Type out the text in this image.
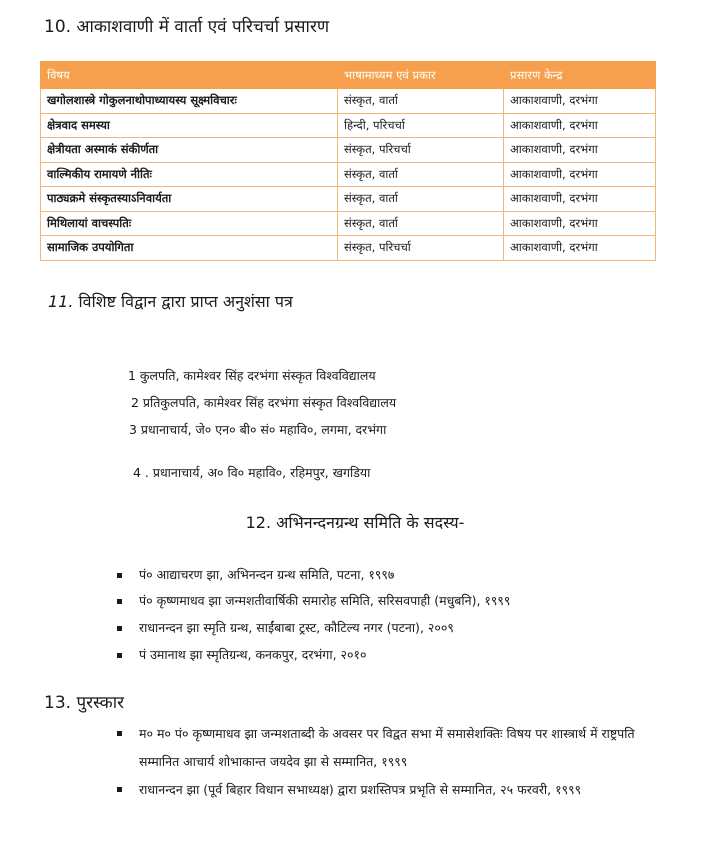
10. आकाशवाणी में वार्ता एवं परिचर्चा प्रसारण
विषय	भाषामाध्यम एवं प्रकार	प्रसारण केन्द्र
खगोलशास्त्रे गोकुलनाथोपाध्यायस्य सूक्ष्मविचारः	संस्कृत, वार्ता	आकाशवाणी, दरभंगा
क्षेत्रवाद समस्या	हिन्दी, परिचर्चा	आकाशवाणी, दरभंगा
क्षेत्रीयता अस्माकं संकीर्णता	संस्कृत, परिचर्चा	आकाशवाणी, दरभंगा
वाल्मिकीय रामायणे नीतिः	संस्कृत, वार्ता	आकाशवाणी, दरभंगा
पाठ्यक्रमे संस्कृतस्याऽनिवार्यता	संस्कृत, वार्ता	आकाशवाणी, दरभंगा
मिथिलायां वाचस्पतिः	संस्कृत, वार्ता	आकाशवाणी, दरभंगा
सामाजिक उपयोगिता	संस्कृत, परिचर्चा	आकाशवाणी, दरभंगा
11. विशिष्ट विद्वान द्वारा प्राप्त अनुशंसा पत्र
1 कुलपति, कामेश्वर सिंह दरभंगा संस्कृत विश्वविद्यालय
2 प्रतिकुलपति, कामेश्वर सिंह दरभंगा संस्कृत विश्वविद्यालय
3 प्रधानाचार्य, जे० एन० बी० सं० महावि०, लगमा, दरभंगा
4 . प्रधानाचार्य, अ० वि० महावि०, रहिमपुर, खगडिया
12. अभिनन्दनग्रन्थ समिति के सदस्य-
पं० आद्याचरण झा, अभिनन्दन ग्रन्थ समिति, पटना, १९९७
पं० कृष्णमाधव झा जन्मशतीवार्षिकी समारोह समिति, सरिसवपाही (मधुबनि), १९९९
राधानन्दन झा स्मृति ग्रन्थ, साईंबाबा ट्रस्ट, कौटिल्य नगर (पटना), २००९
पं उमानाथ झा स्मृतिग्रन्थ, कनकपुर, दरभंगा, २०१०
13. पुरस्कार
म० म० पं० कृष्णमाधव झा जन्मशताब्दी के अवसर पर विद्वत सभा में समासेशक्तिः विषय पर शास्त्रार्थ में राष्ट्रपति सम्मानित आचार्य शोभाकान्त जयदेव झा से सम्मानित, १९९९
राधानन्दन झा (पूर्व बिहार विधान सभाध्यक्ष) द्वारा प्रशस्तिपत्र प्रभृति से सम्मानित, २५ फरवरी, १९९९
